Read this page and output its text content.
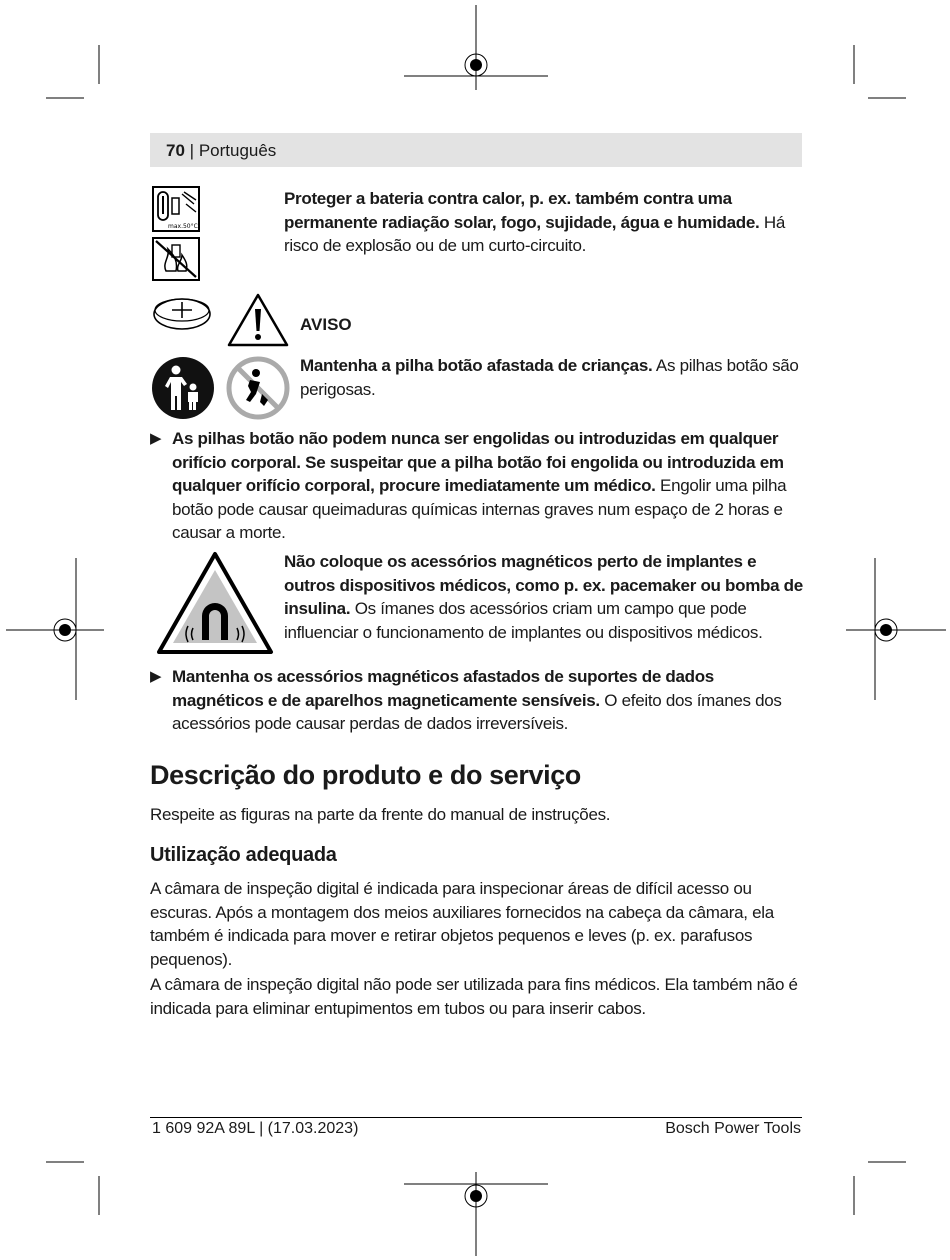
70 | Português
max.50°C
Proteger a bateria contra calor, p. ex. também contra uma permanente radiação solar, fogo, sujidade, água e humidade. Há risco de explosão ou de um curto-circuito.
AVISO
Mantenha a pilha botão afastada de crianças. As pilhas botão são perigosas.
▶ As pilhas botão não podem nunca ser engolidas ou introduzidas em qualquer orifício corporal. Se suspeitar que a pilha botão foi engolida ou introduzida em qualquer orifício corporal, procure imediatamente um médico. Engolir uma pilha botão pode causar queimaduras químicas internas graves num espaço de 2 horas e causar a morte.
Não coloque os acessórios magnéticos perto de implantes e outros dispositivos médicos, como p. ex. pacemaker ou bomba de insulina. Os ímanes dos acessórios criam um campo que pode influenciar o funcionamento de implantes ou dispositivos médicos.
▶ Mantenha os acessórios magnéticos afastados de suportes de dados magnéticos e de aparelhos magneticamente sensíveis. O efeito dos ímanes dos acessórios pode causar perdas de dados irreversíveis.
Descrição do produto e do serviço
Respeite as figuras na parte da frente do manual de instruções.
Utilização adequada
A câmara de inspeção digital é indicada para inspecionar áreas de difícil acesso ou escuras. Após a montagem dos meios auxiliares fornecidos na cabeça da câmara, ela também é indicada para mover e retirar objetos pequenos e leves (p. ex. parafusos pequenos).
A câmara de inspeção digital não pode ser utilizada para fins médicos. Ela também não é indicada para eliminar entupimentos em tubos ou para inserir cabos.
1 609 92A 89L | (17.03.2023)	Bosch Power Tools
